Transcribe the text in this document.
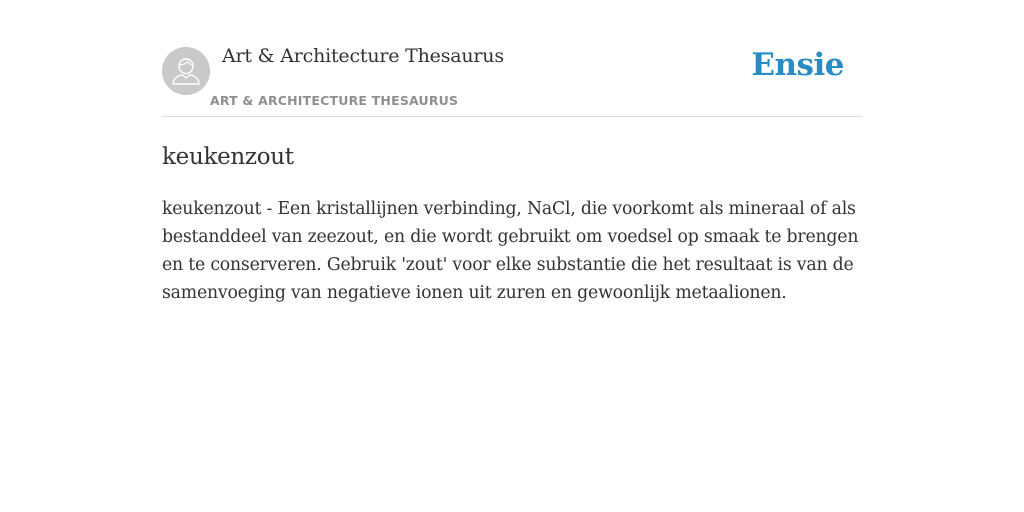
Art & Architecture Thesaurus
ART & ARCHITECTURE THESAURUS
Ensie
keukenzout

keukenzout - Een kristallijnen verbinding, NaCl, die voorkomt als mineraal of als bestanddeel van zeezout, en die wordt gebruikt om voedsel op smaak te brengen en te conserveren. Gebruik 'zout' voor elke substantie die het resultaat is van de samenvoeging van negatieve ionen uit zuren en gewoonlijk metaalionen.
